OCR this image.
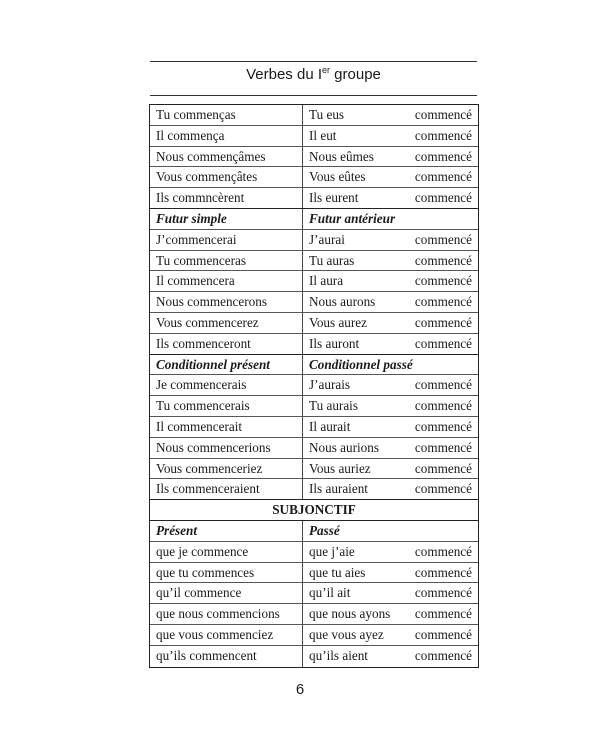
Verbes du Ier groupe
Tu commenças	Tu eus	commencé
Il commença	Il eut	commencé
Nous commençâmes	Nous eûmes	commencé
Vous commençâtes	Vous eûtes	commencé
Ils commncèrent	Ils eurent	commencé
Futur simple	Futur antérieur
J’commencerai	J’aurai	commencé
Tu commenceras	Tu auras	commencé
Il commencera	Il aura	commencé
Nous commencerons	Nous aurons	commencé
Vous commencerez	Vous aurez	commencé
Ils commenceront	Ils auront	commencé
Conditionnel présent	Conditionnel passé
Je commencerais	J’aurais	commencé
Tu commencerais	Tu aurais	commencé
Il commencerait	Il aurait	commencé
Nous commencerions	Nous aurions	commencé
Vous commenceriez	Vous auriez	commencé
Ils commenceraient	Ils auraient	commencé
SUBJONCTIF
Présent	Passé
que je commence	que j’aie	commencé
que tu commences	que tu aies	commencé
qu’il commence	qu’il ait	commencé
que nous commencions	que nous ayons	commencé
que vous commenciez	que vous ayez	commencé
qu’ils commencent	qu’ils aient	commencé
6
